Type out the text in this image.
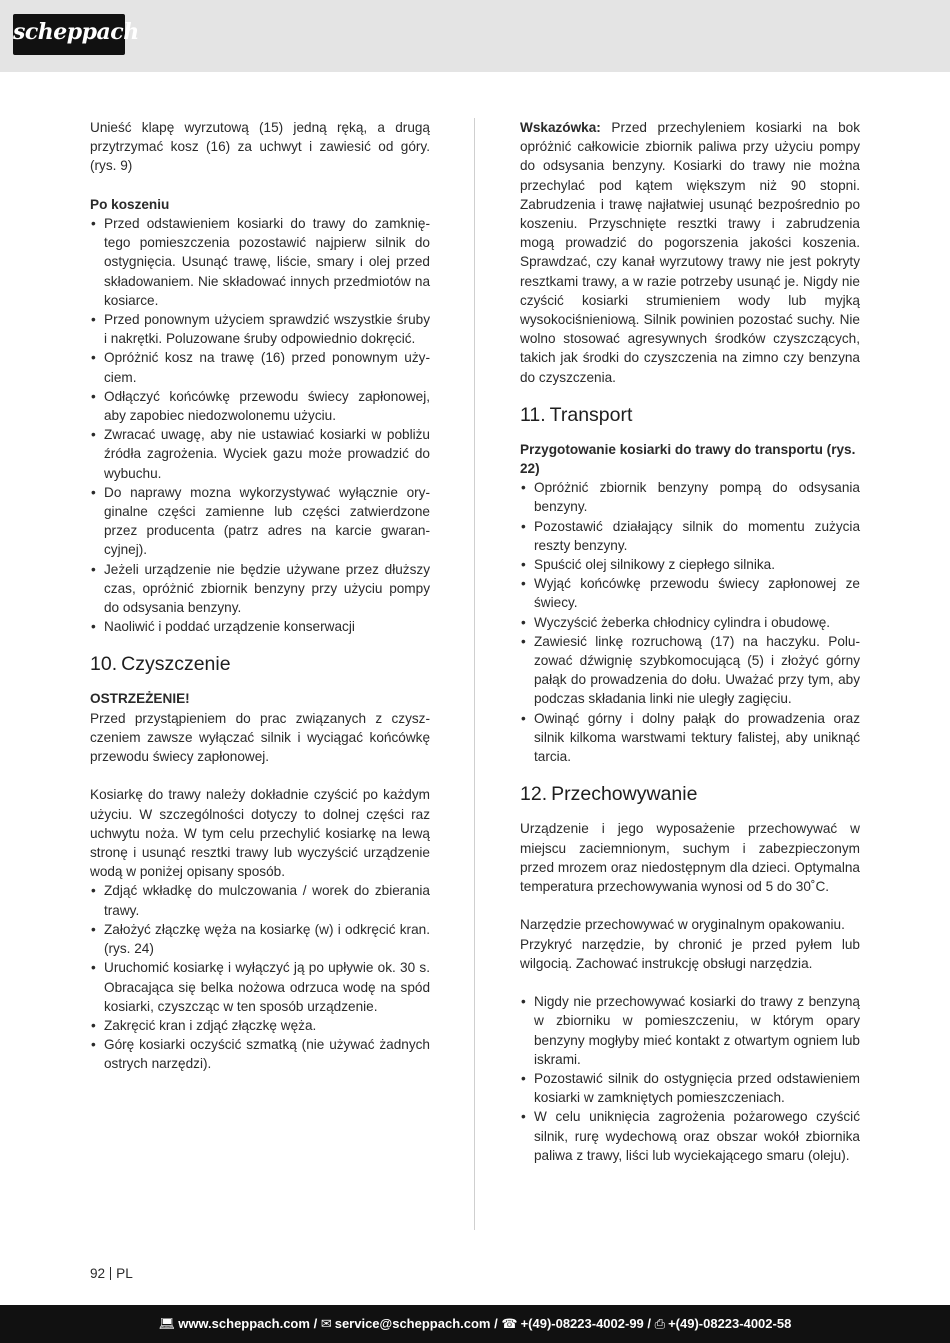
scheppach
Unieść klapę wyrzutową (15) jedną ręką, a drugą przytrzymać kosz (16) za uchwyt i zawiesić od góry. (rys. 9)
Po koszeniu
• Przed odstawieniem kosiarki do trawy do zamkniętego pomieszczenia pozostawić najpierw silnik do ostygnięcia. Usunąć trawę, liście, smary i olej przed składowaniem. Nie składować innych przedmiotów na kosiarce.
• Przed ponownym użyciem sprawdzić wszystkie śruby i nakrętki. Poluzowane śruby odpowiednio dokręcić.
• Opróżnić kosz na trawę (16) przed ponownym użyciem.
• Odłączyć końcówkę przewodu świecy zapłonowej, aby zapobiec niedozwolonemu użyciu.
• Zwracać uwagę, aby nie ustawiać kosiarki w pobliżu źródła zagrożenia. Wyciek gazu może prowadzić do wybuchu.
• Do naprawy mozna wykorzystywać wyłącznie oryginalne części zamienne lub części zatwierdzone przez producenta (patrz adres na karcie gwarancyjnej).
• Jeżeli urządzenie nie będzie używane przez dłuższy czas, opróżnić zbiornik benzyny przy użyciu pompy do odsysania benzyny.
• Naoliwić i poddać urządzenie konserwacji
10. Czyszczenie
OSTRZEŻENIE!
Przed przystąpieniem do prac związanych z czyszczeniem zawsze wyłączać silnik i wyciągać końcówkę przewodu świecy zapłonowej.
Kosiarkę do trawy należy dokładnie czyścić po każdym użyciu. W szczególności dotyczy to dolnej części raz uchwytu noża. W tym celu przechylić kosiarkę na lewą stronę i usunąć resztki trawy lub wyczyścić urządzenie wodą w poniżej opisany sposób.
• Zdjąć wkładkę do mulczowania / worek do zbierania trawy.
• Założyć złączkę węża na kosiarkę (w) i odkręcić kran. (rys. 24)
• Uruchomić kosiarkę i wyłączyć ją po upływie ok. 30 s. Obracająca się belka nożowa odrzuca wodę na spód kosiarki, czyszcząc w ten sposób urządzenie.
• Zakręcić kran i zdjąć złączkę węża.
• Górę kosiarki oczyścić szmatką (nie używać żadnych ostrych narzędzi).
Wskazówka: Przed przechyleniem kosiarki na bok opróżnić całkowicie zbiornik paliwa przy użyciu pompy do odsysania benzyny. Kosiarki do trawy nie można przechylać pod kątem większym niż 90 stopni. Zabrudzenia i trawę najłatwiej usunąć bezpośrednio po koszeniu. Przyschnięte resztki trawy i zabrudzenia mogą prowadzić do pogorszenia jakości koszenia. Sprawdzać, czy kanał wyrzutowy trawy nie jest pokryty resztkami trawy, a w razie potrzeby usunąć je. Nigdy nie czyścić kosiarki strumieniem wody lub myjką wysokociśnieniową. Silnik powinien pozostać suchy. Nie wolno stosować agresywnych środków czyszczących, takich jak środki do czyszczenia na zimno czy benzyna do czyszczenia.
11. Transport
Przygotowanie kosiarki do trawy do transportu (rys. 22)
• Opróżnić zbiornik benzyny pompą do odsysania benzyny.
• Pozostawić działający silnik do momentu zużycia reszty benzyny.
• Spuścić olej silnikowy z ciepłego silnika.
• Wyjąć końcówkę przewodu świecy zapłonowej ze świecy.
• Wyczyścić żeberka chłodnicy cylindra i obudowę.
• Zawiesić linkę rozruchową (17) na haczyku. Poluzować dźwignię szybkomocującą (5) i złożyć górny pałąk do prowadzenia do dołu. Uważać przy tym, aby podczas składania linki nie uległy zagięciu.
• Owinąć górny i dolny pałąk do prowadzenia oraz silnik kilkoma warstwami tektury falistej, aby uniknąć tarcia.
12. Przechowywanie
Urządzenie i jego wyposażenie przechowywać w miejscu zaciemnionym, suchym i zabezpieczonym przed mrozem oraz niedostępnym dla dzieci. Optymalna temperatura przechowywania wynosi od 5 do 30˚C.
Narzędzie przechowywać w oryginalnym opakowaniu.
Przykryć narzędzie, by chronić je przed pyłem lub wilgocią. Zachować instrukcję obsługi narzędzia.
• Nigdy nie przechowywać kosiarki do trawy z benzyną w zbiorniku w pomieszczeniu, w którym opary benzyny mogłyby mieć kontakt z otwartym ogniem lub iskrami.
• Pozostawić silnik do ostygnięcia przed odstawieniem kosiarki w zamkniętych pomieszczeniach.
• W celu uniknięcia zagrożenia pożarowego czyścić silnik, rurę wydechową oraz obszar wokół zbiornika paliwa z trawy, liści lub wyciekającego smaru (oleju).
92 PL
💻︎ www.scheppach.com / ✉︎ service@scheppach.com / ☎︎ +(49)-08223-4002-99 / ⎙ +(49)-08223-4002-58
